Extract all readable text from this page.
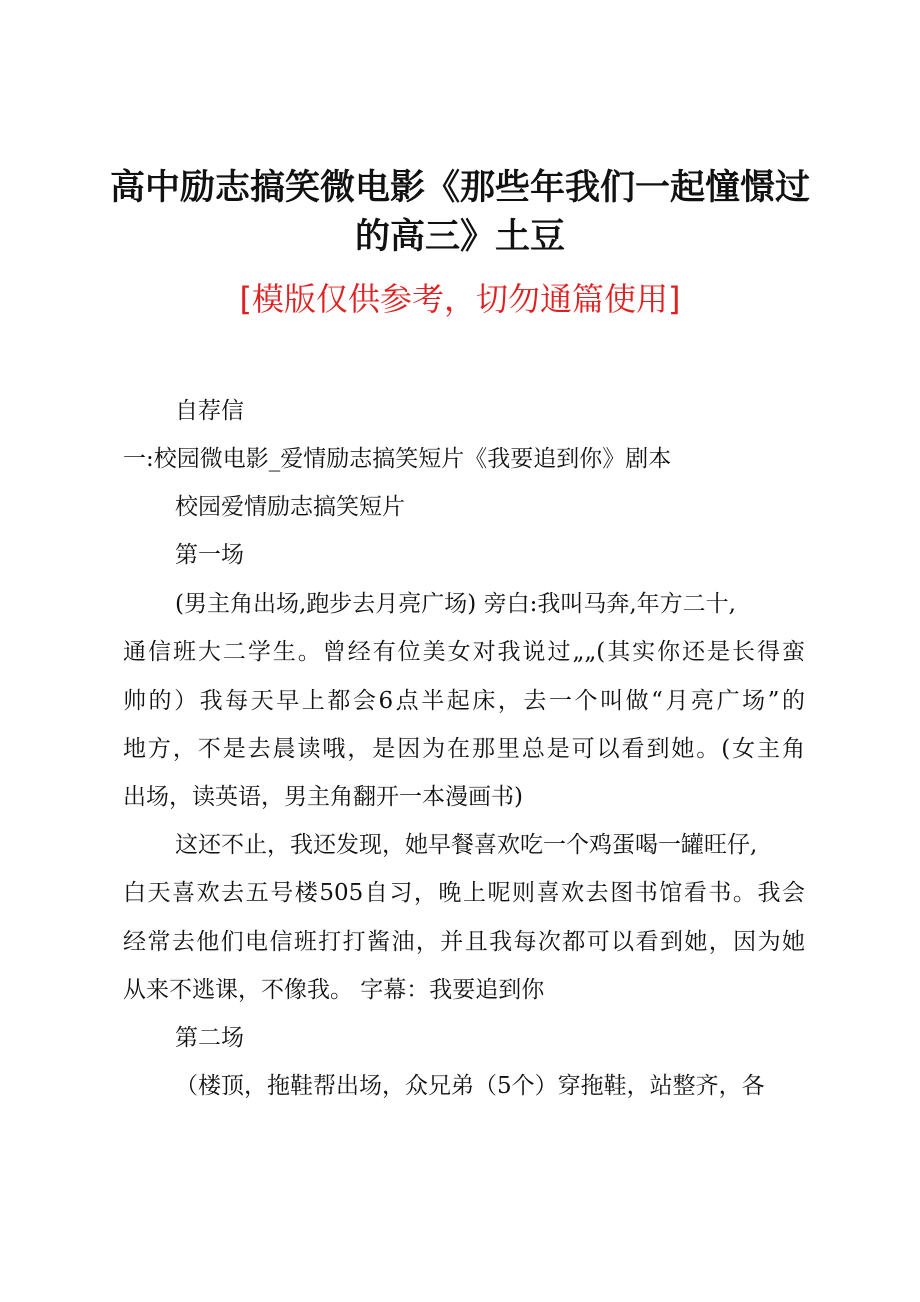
高中励志搞笑微电影《那些年我们一起憧憬过
的高三》土豆
[模版仅供参考，切勿通篇使用]
自荐信
一:校园微电影_爱情励志搞笑短片《我要追到你》剧本
校园爱情励志搞笑短片
第一场
(男主角出场,跑步去月亮广场) 旁白:我叫马奔,年方二十,
通信班大二学生。曾经有位美女对我说过„„(其实你还是长得蛮
帅的）我每天早上都会6点半起床，去一个叫做“月亮广场”的
地方，不是去晨读哦，是因为在那里总是可以看到她。(女主角
出场，读英语，男主角翻开一本漫画书)
这还不止，我还发现，她早餐喜欢吃一个鸡蛋喝一罐旺仔,
白天喜欢去五号楼505自习，晚上呢则喜欢去图书馆看书。我会
经常去他们电信班打打酱油，并且我每次都可以看到她，因为她
从来不逃课，不像我。 字幕：我要追到你
第二场
（楼顶，拖鞋帮出场，众兄弟（5个）穿拖鞋，站整齐，各
